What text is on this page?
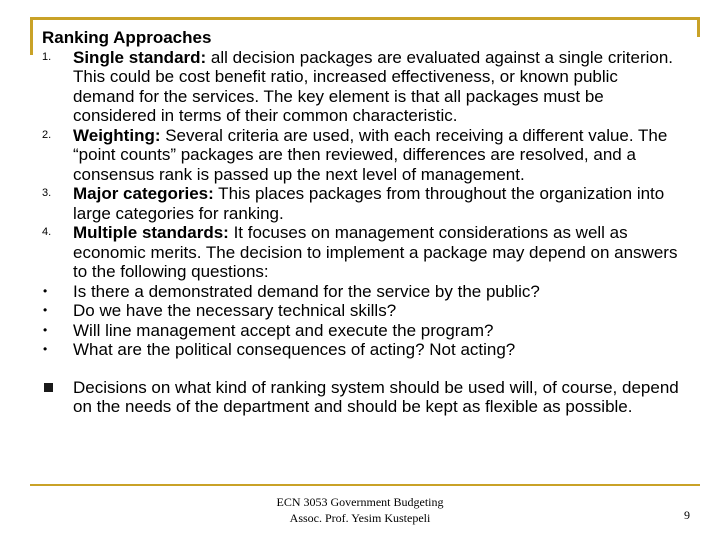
Ranking Approaches
1.	Single standard: all decision packages are evaluated against a single criterion. This could be cost benefit ratio, increased effectiveness, or known public demand for the services. The key element is that all packages must be considered in terms of their common characteristic.
2.	Weighting: Several criteria are used, with each receiving a different value. The “point counts” packages are then reviewed, differences are resolved, and a consensus rank is passed up the next level of management.
3.	Major categories: This places packages from throughout the organization into large categories for ranking.
4.	Multiple standards: It focuses on management considerations as well as economic merits. The decision to implement a package may depend on answers to the following questions:
•	Is there a demonstrated demand for the service by the public?
•	Do we have the necessary technical skills?
•	Will line management accept and execute the program?
•	What are the political consequences of acting? Not acting?
Decisions on what kind of ranking system should be used will, of course, depend on the needs of the department and should be kept as flexible as possible.
ECN 3053 Government Budgeting
Assoc. Prof. Yesim Kustepeli	9
